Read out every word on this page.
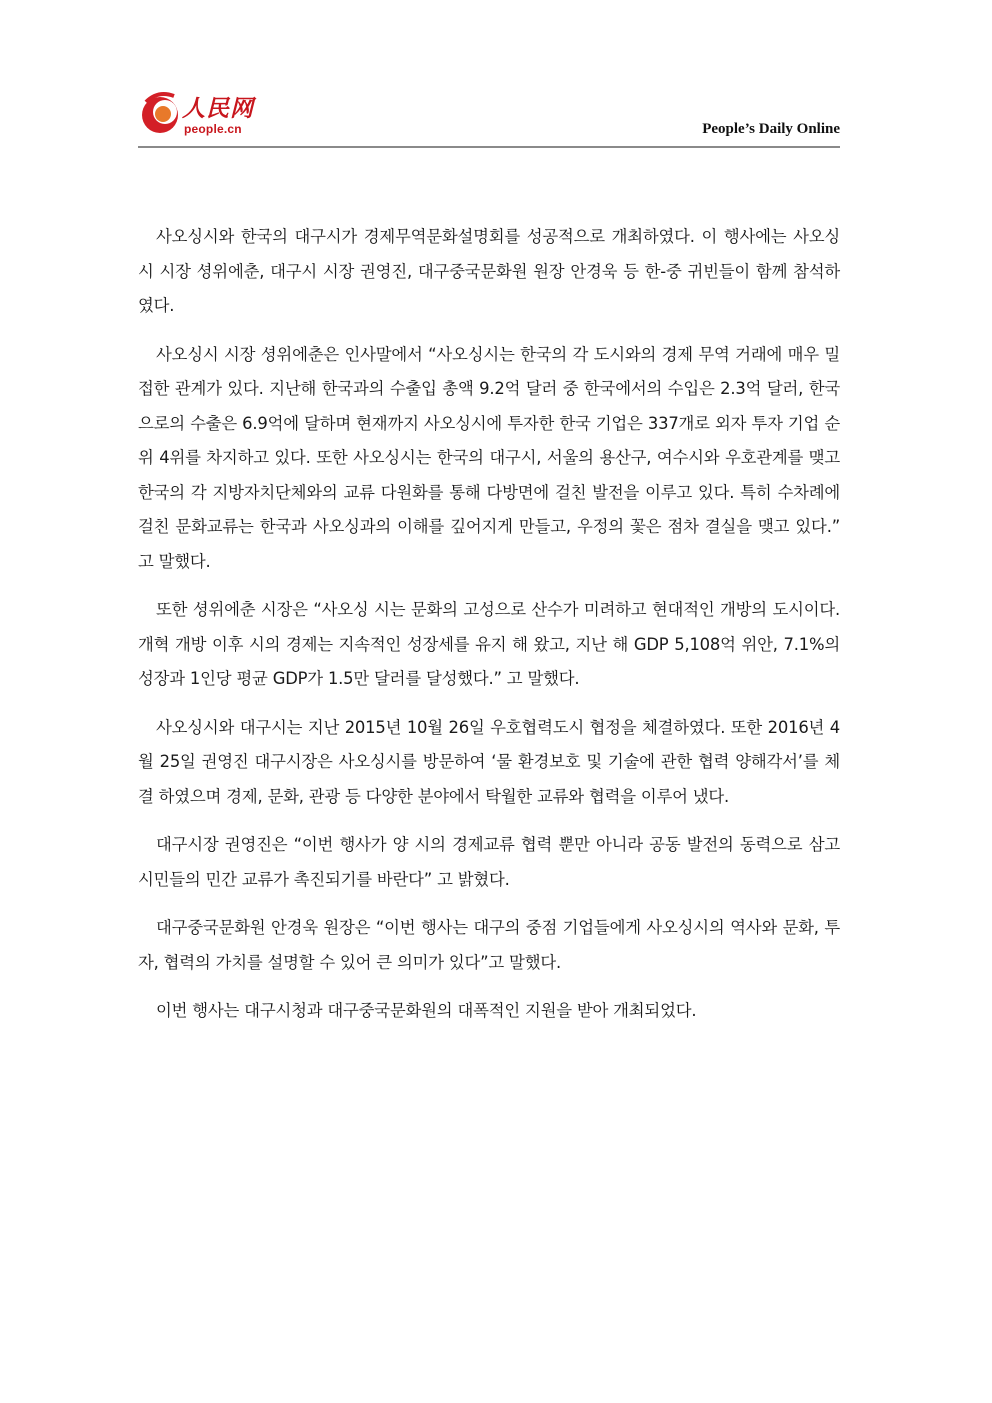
人民网
people.cn	People’s Daily Online

사오싱시와 한국의 대구시가 경제무역문화설명회를 성공적으로 개최하였다. 이 행사에는 사오싱시 시장 셩위에춘, 대구시 시장 권영진, 대구중국문화원 원장 안경욱 등 한-중 귀빈들이 함께 참석하였다.

사오싱시 시장 셩위에춘은 인사말에서 “사오싱시는 한국의 각 도시와의 경제 무역 거래에 매우 밀접한 관계가 있다. 지난해 한국과의 수출입 총액 9.2억 달러 중 한국에서의 수입은 2.3억 달러, 한국으로의 수출은 6.9억에 달하며 현재까지 사오싱시에 투자한 한국 기업은 337개로 외자 투자 기업 순위 4위를 차지하고 있다. 또한 사오싱시는 한국의 대구시, 서울의 용산구, 여수시와 우호관계를 맺고 한국의 각 지방자치단체와의 교류 다원화를 통해 다방면에 걸친 발전을 이루고 있다. 특히 수차례에 걸친 문화교류는 한국과 사오싱과의 이해를 깊어지게 만들고, 우정의 꽃은 점차 결실을 맺고 있다.” 고 말했다.

또한 셩위에춘 시장은 “사오싱 시는 문화의 고성으로 산수가 미려하고 현대적인 개방의 도시이다. 개혁 개방 이후 시의 경제는 지속적인 성장세를 유지 해 왔고, 지난 해 GDP 5,108억 위안, 7.1%의 성장과 1인당 평균 GDP가 1.5만 달러를 달성했다.” 고 말했다.

사오싱시와 대구시는 지난 2015년 10월 26일 우호협력도시 협정을 체결하였다. 또한 2016년 4월 25일 권영진 대구시장은 사오싱시를 방문하여 ‘물 환경보호 및 기술에 관한 협력 양해각서’를 체결 하였으며 경제, 문화, 관광 등 다양한 분야에서 탁월한 교류와 협력을 이루어 냈다.

대구시장 권영진은 “이번 행사가 양 시의 경제교류 협력 뿐만 아니라 공동 발전의 동력으로 삼고 시민들의 민간 교류가 촉진되기를 바란다” 고 밝혔다.

대구중국문화원 안경욱 원장은 “이번 행사는 대구의 중점 기업들에게 사오싱시의 역사와 문화, 투자, 협력의 가치를 설명할 수 있어 큰 의미가 있다”고 말했다.

이번 행사는 대구시청과 대구중국문화원의 대폭적인 지원을 받아 개최되었다.
